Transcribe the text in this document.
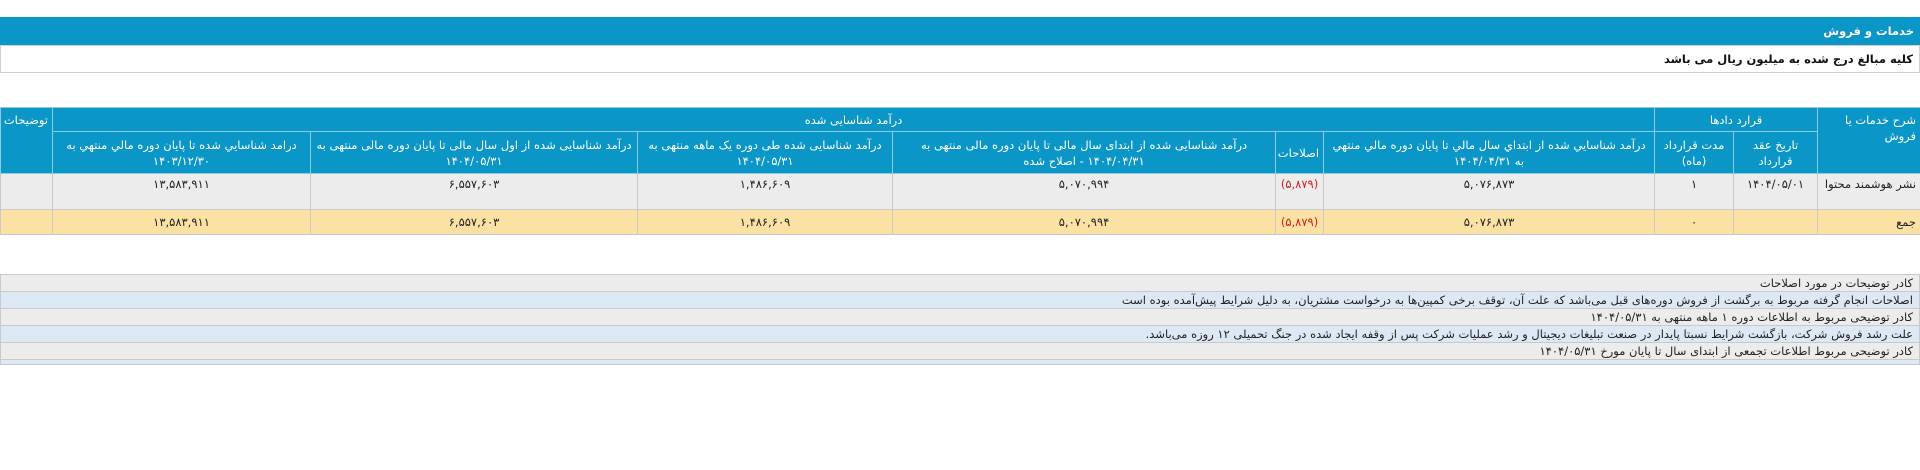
خدمات و فروش
کلیه مبالغ درج شده به میلیون ریال می باشد
شرح خدمات یا فروش	قرارد دادها		درآمد شناسایی شده						توضیحات
	تاريخ عقد قرارداد	مدت قرارداد (ماه)	درآمد شناسايي شده از ابتداي سال مالي تا پايان دوره مالي منتهي به ۱۴۰۴/۰۴/۳۱	اصلاحات	درآمد شناسایی شده از ابتدای سال مالی تا پایان دوره مالی منتهی به ۱۴۰۴/۰۴/۳۱ - اصلاح شده	درآمد شناسایی شده طی دوره یک ماهه منتهی به ۱۴۰۴/۰۵/۳۱	درآمد شناسایی شده از اول سال مالی تا پایان دوره مالی منتهی به ۱۴۰۴/۰۵/۳۱	درامد شناسايي شده تا پايان دوره مالي منتهي به ۱۴۰۳/۱۲/۳۰	
نشر هوشمند محتوا	۱۴۰۴/۰۵/۰۱	۱	۵,۰۷۶,۸۷۳	(۵,۸۷۹)	۵,۰۷۰,۹۹۴	۱,۴۸۶,۶۰۹	۶,۵۵۷,۶۰۳	۱۳,۵۸۳,۹۱۱	
جمع		۰	۵,۰۷۶,۸۷۳	(۵,۸۷۹)	۵,۰۷۰,۹۹۴	۱,۴۸۶,۶۰۹	۶,۵۵۷,۶۰۳	۱۳,۵۸۳,۹۱۱	
کادر توضیحات در مورد اصلاحات
اصلاحات انجام گرفته مربوط به برگشت از فروش دوره‌های قبل می‌باشد که علت آن، توقف برخی کمپین‌ها به درخواست مشتریان، به دلیل شرایط پیش‌آمده بوده است
کادر توضیحی مربوط به اطلاعات دوره ۱ ماهه منتهی به ۱۴۰۴/۰۵/۳۱
علت رشد فروش شرکت، بازگشت شرایط نسبتا پایدار در صنعت تبلیغات دیجیتال و رشد عملیات شرکت پس از وقفه ایجاد شده در جنگ تحمیلی ۱۲ روزه می‌باشد.
کادر توضیحی مربوط اطلاعات تجمعی از ابتدای سال تا پایان مورخ ۱۴۰۴/۰۵/۳۱
